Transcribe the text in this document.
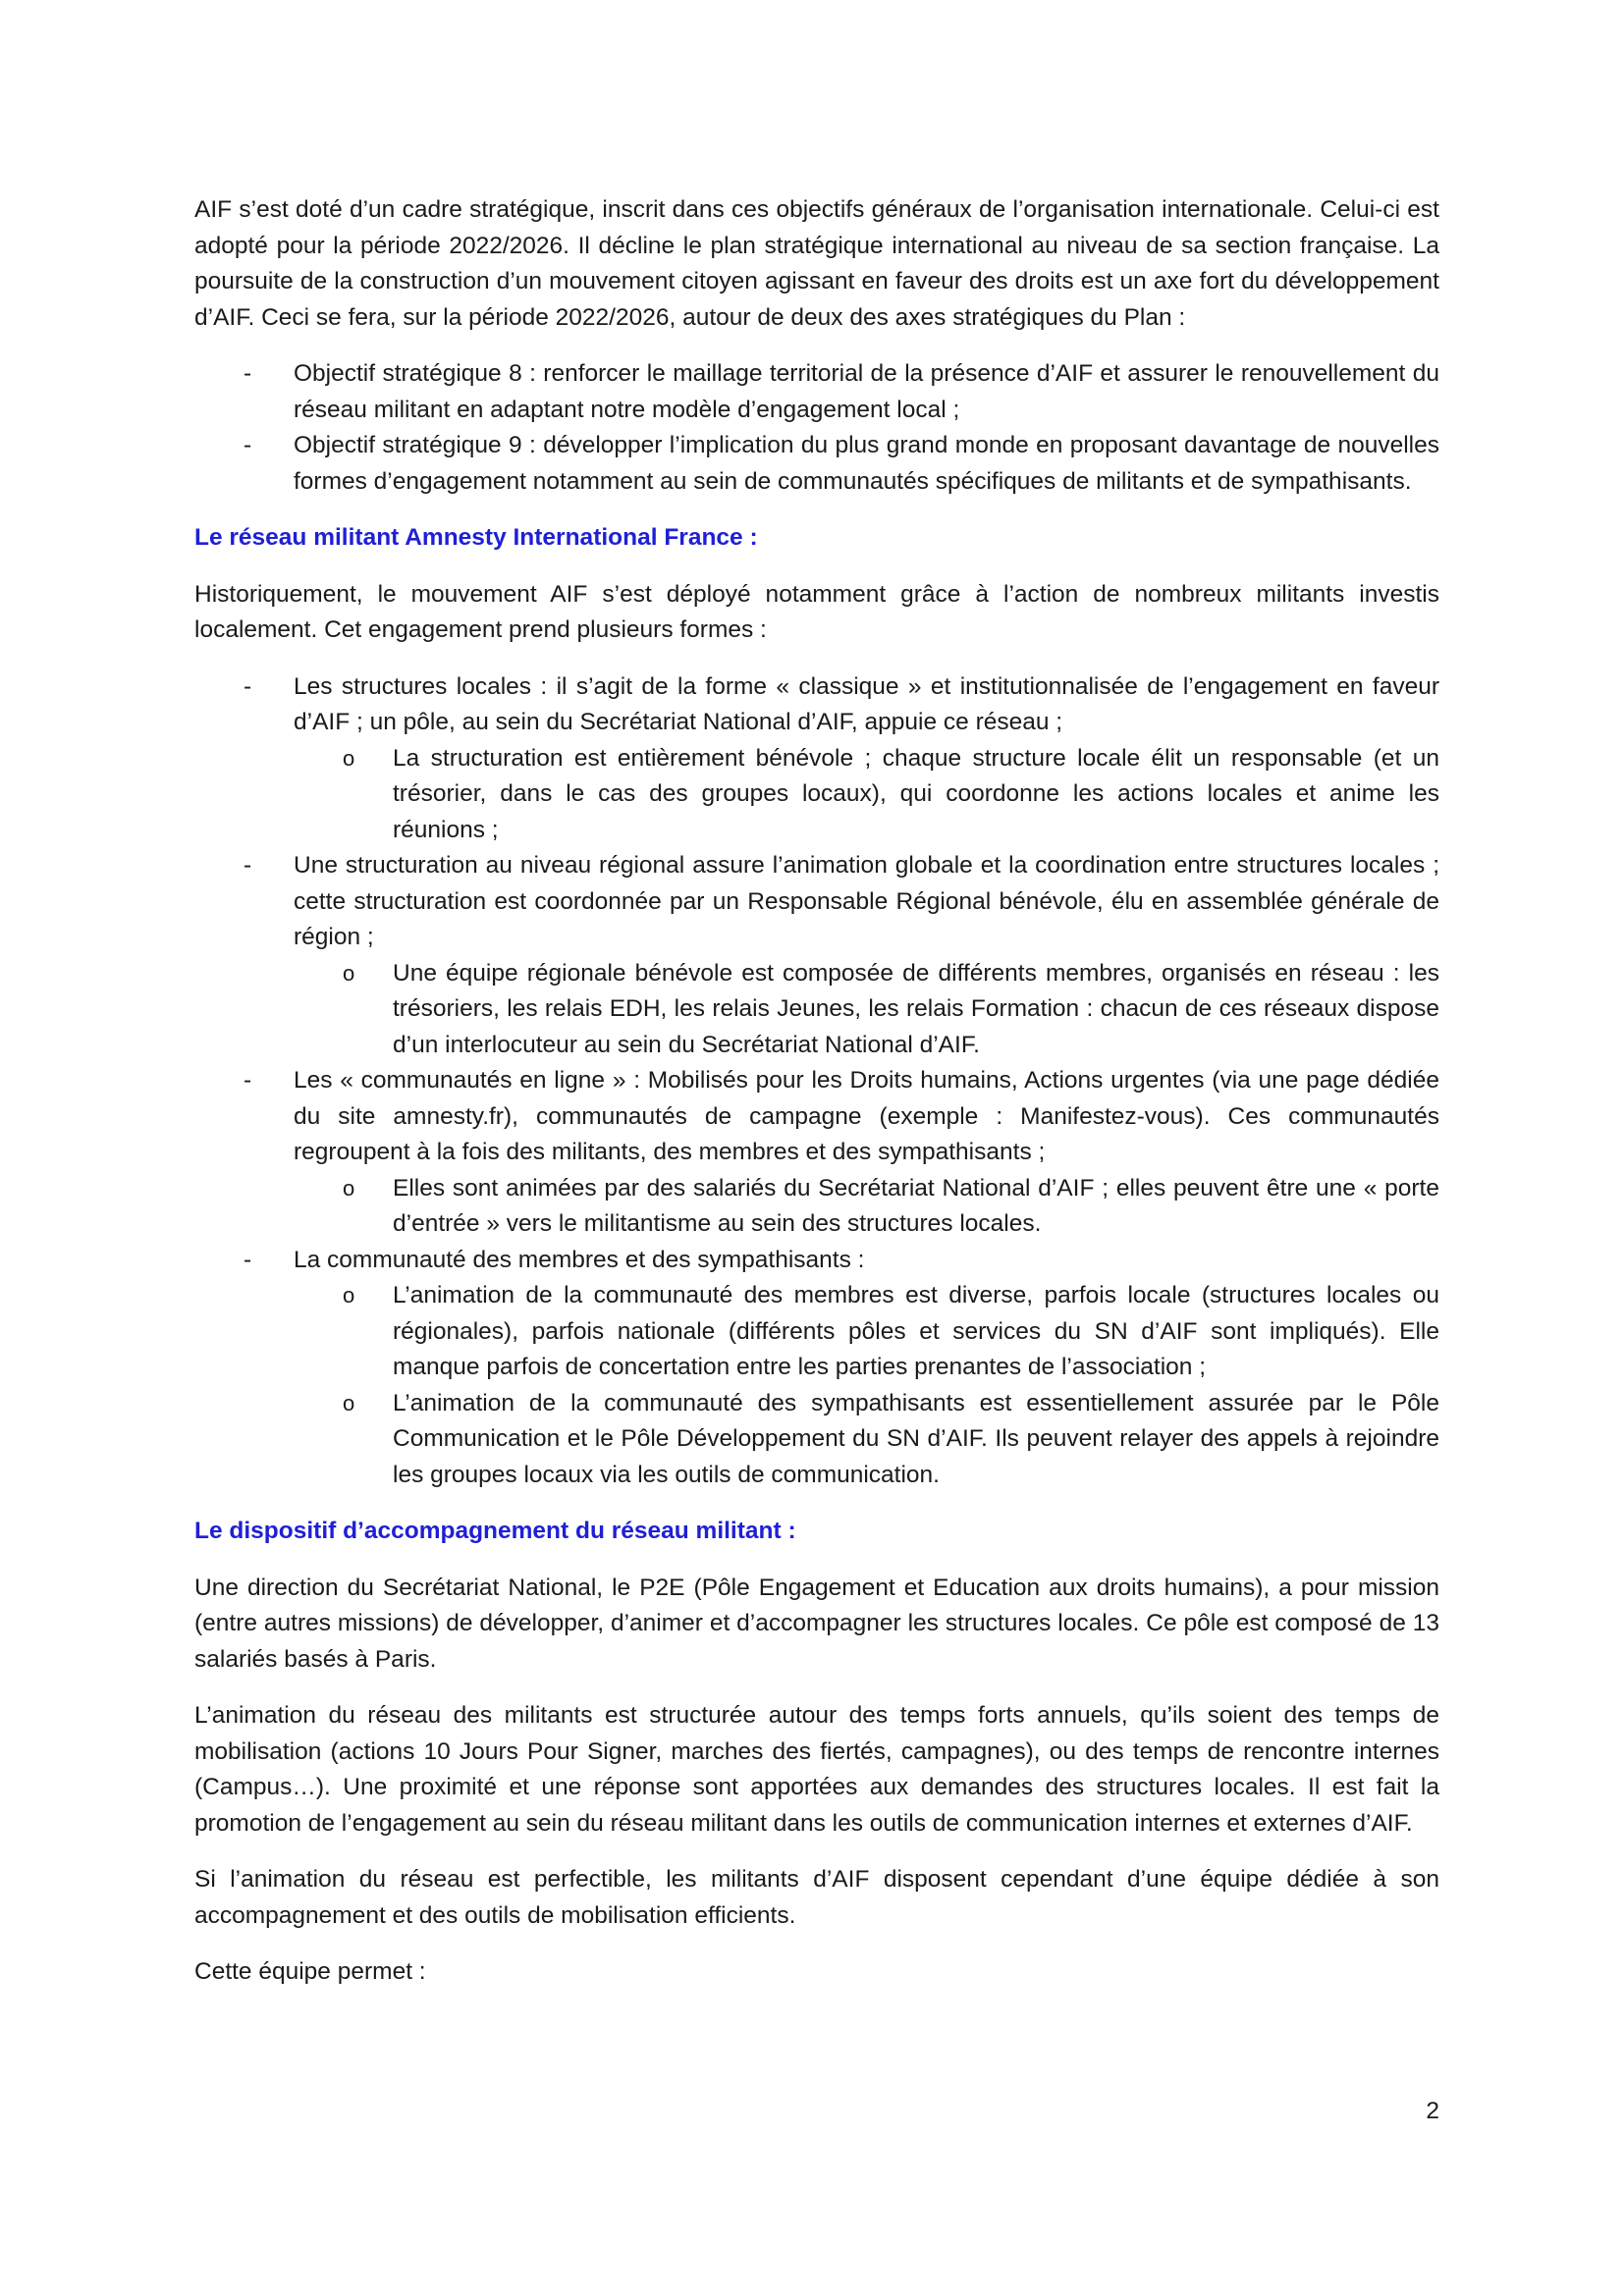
AIF s’est doté d’un cadre stratégique, inscrit dans ces objectifs généraux de l’organisation internationale. Celui-ci est adopté pour la période 2022/2026. Il décline le plan stratégique international au niveau de sa section française. La poursuite de la construction d’un mouvement citoyen agissant en faveur des droits est un axe fort du développement d’AIF. Ceci se fera, sur la période 2022/2026, autour de deux des axes stratégiques du Plan :

- Objectif stratégique 8 : renforcer le maillage territorial de la présence d’AIF et assurer le renouvellement du réseau militant en adaptant notre modèle d’engagement local ;
- Objectif stratégique 9 : développer l’implication du plus grand monde en proposant davantage de nouvelles formes d’engagement notamment au sein de communautés spécifiques de militants et de sympathisants.
Le réseau militant Amnesty International France :

Historiquement, le mouvement AIF s’est déployé notamment grâce à l’action de nombreux militants investis localement. Cet engagement prend plusieurs formes :

- Les structures locales : il s’agit de la forme « classique » et institutionnalisée de l’engagement en faveur d’AIF ; un pôle, au sein du Secrétariat National d’AIF, appuie ce réseau ;
o La structuration est entièrement bénévole ; chaque structure locale élit un responsable (et un trésorier, dans le cas des groupes locaux), qui coordonne les actions locales et anime les réunions ;
- Une structuration au niveau régional assure l’animation globale et la coordination entre structures locales ; cette structuration est coordonnée par un Responsable Régional bénévole, élu en assemblée générale de région ;
o Une équipe régionale bénévole est composée de différents membres, organisés en réseau : les trésoriers, les relais EDH, les relais Jeunes, les relais Formation : chacun de ces réseaux dispose d’un interlocuteur au sein du Secrétariat National d’AIF.
- Les « communautés en ligne » : Mobilisés pour les Droits humains, Actions urgentes (via une page dédiée du site amnesty.fr), communautés de campagne (exemple : Manifestez-vous). Ces communautés regroupent à la fois des militants, des membres et des sympathisants ;
o Elles sont animées par des salariés du Secrétariat National d’AIF ; elles peuvent être une « porte d’entrée » vers le militantisme au sein des structures locales.
- La communauté des membres et des sympathisants :
o L’animation de la communauté des membres est diverse, parfois locale (structures locales ou régionales), parfois nationale (différents pôles et services du SN d’AIF sont impliqués). Elle manque parfois de concertation entre les parties prenantes de l’association ;
o L’animation de la communauté des sympathisants est essentiellement assurée par le Pôle Communication et le Pôle Développement du SN d’AIF. Ils peuvent relayer des appels à rejoindre les groupes locaux via les outils de communication.
Le dispositif d’accompagnement du réseau militant :

Une direction du Secrétariat National, le P2E (Pôle Engagement et Education aux droits humains), a pour mission (entre autres missions) de développer, d’animer et d’accompagner les structures locales. Ce pôle est composé de 13 salariés basés à Paris.

L’animation du réseau des militants est structurée autour des temps forts annuels, qu’ils soient des temps de mobilisation (actions 10 Jours Pour Signer, marches des fiertés, campagnes), ou des temps de rencontre internes (Campus…). Une proximité et une réponse sont apportées aux demandes des structures locales. Il est fait la promotion de l’engagement au sein du réseau militant dans les outils de communication internes et externes d’AIF.

Si l’animation du réseau est perfectible, les militants d’AIF disposent cependant d’une équipe dédiée à son accompagnement et des outils de mobilisation efficients.

Cette équipe permet :

2
